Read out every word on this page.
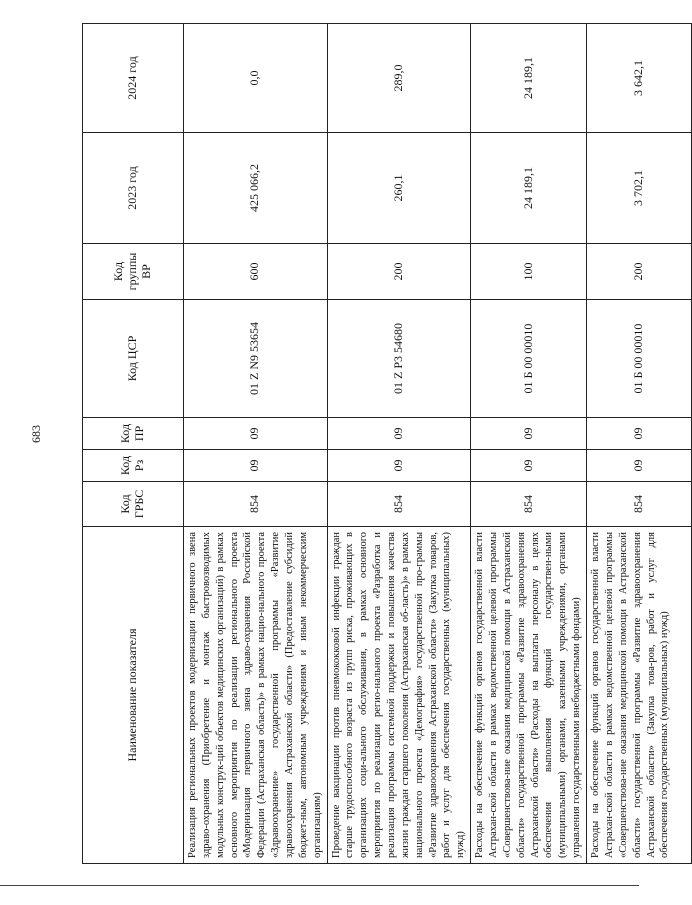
683
Наименование показателя	Код ГРБС	Код Рз	Код ПР	Код ЦСР	Код группы ВР	2023 год	2024 год
Реализация региональных проектов модернизации первичного звена здраво-охранения (Приобретение и монтаж быстровозводимых модульных конструк-ций объектов медицинских организаций) в рамках основного мероприятия по реализации регионального проекта «Модернизация первичного звена здраво-охранения Российской Федерации (Астраханская область)» в рамках нацио-нального проекта «Здравоохранение» государственной программы «Развитие здравоохранения Астраханской области» (Предоставление субсидий бюджет-ным, автономным учреждениям и иным некоммерческим организациям)	854	09	09	01 Z N9 53654	600	425 066,2	0,0
Проведение вакцинации против пневмококковой инфекции граждан старше трудоспособного возраста из групп риска, проживающих в организациях соци-ального обслуживания, в рамках основного мероприятия по реализации регио-нального проекта «Разработка и реализация программы системной поддержки и повышения качества жизни граждан старшего поколения (Астраханская об-ласть)» в рамках национального проекта «Демография» государственной про-граммы «Развитие здравоохранения Астраханской области» (Закупка товаров, работ и услуг для обеспечения государственных (муниципальных) нужд)	854	09	09	01 Z P3 54680	200	260,1	289,0
Расходы на обеспечение функций органов государственной власти Астрахан-ской области в рамках ведомственной целевой программы «Совершенствова-ние оказания медицинской помощи в Астраханской области» государственной программы «Развитие здравоохранения Астраханской области» (Расходы на выплаты персоналу в целях обеспечения выполнения функций государствен-ными (муниципальными) органами, казенными учреждениями, органами управления государственными внебюджетными фондами)	854	09	09	01 Б 00 00010	100	24 189,1	24 189,1
Расходы на обеспечение функций органов государственной власти Астрахан-ской области в рамках ведомственной целевой программы «Совершенствова-ние оказания медицинской помощи в Астраханской области» государственной программы «Развитие здравоохранения Астраханской области» (Закупка това-ров, работ и услуг для обеспечения государственных (муниципальных) нужд)	854	09	09	01 Б 00 00010	200	3 702,1	3 642,1
